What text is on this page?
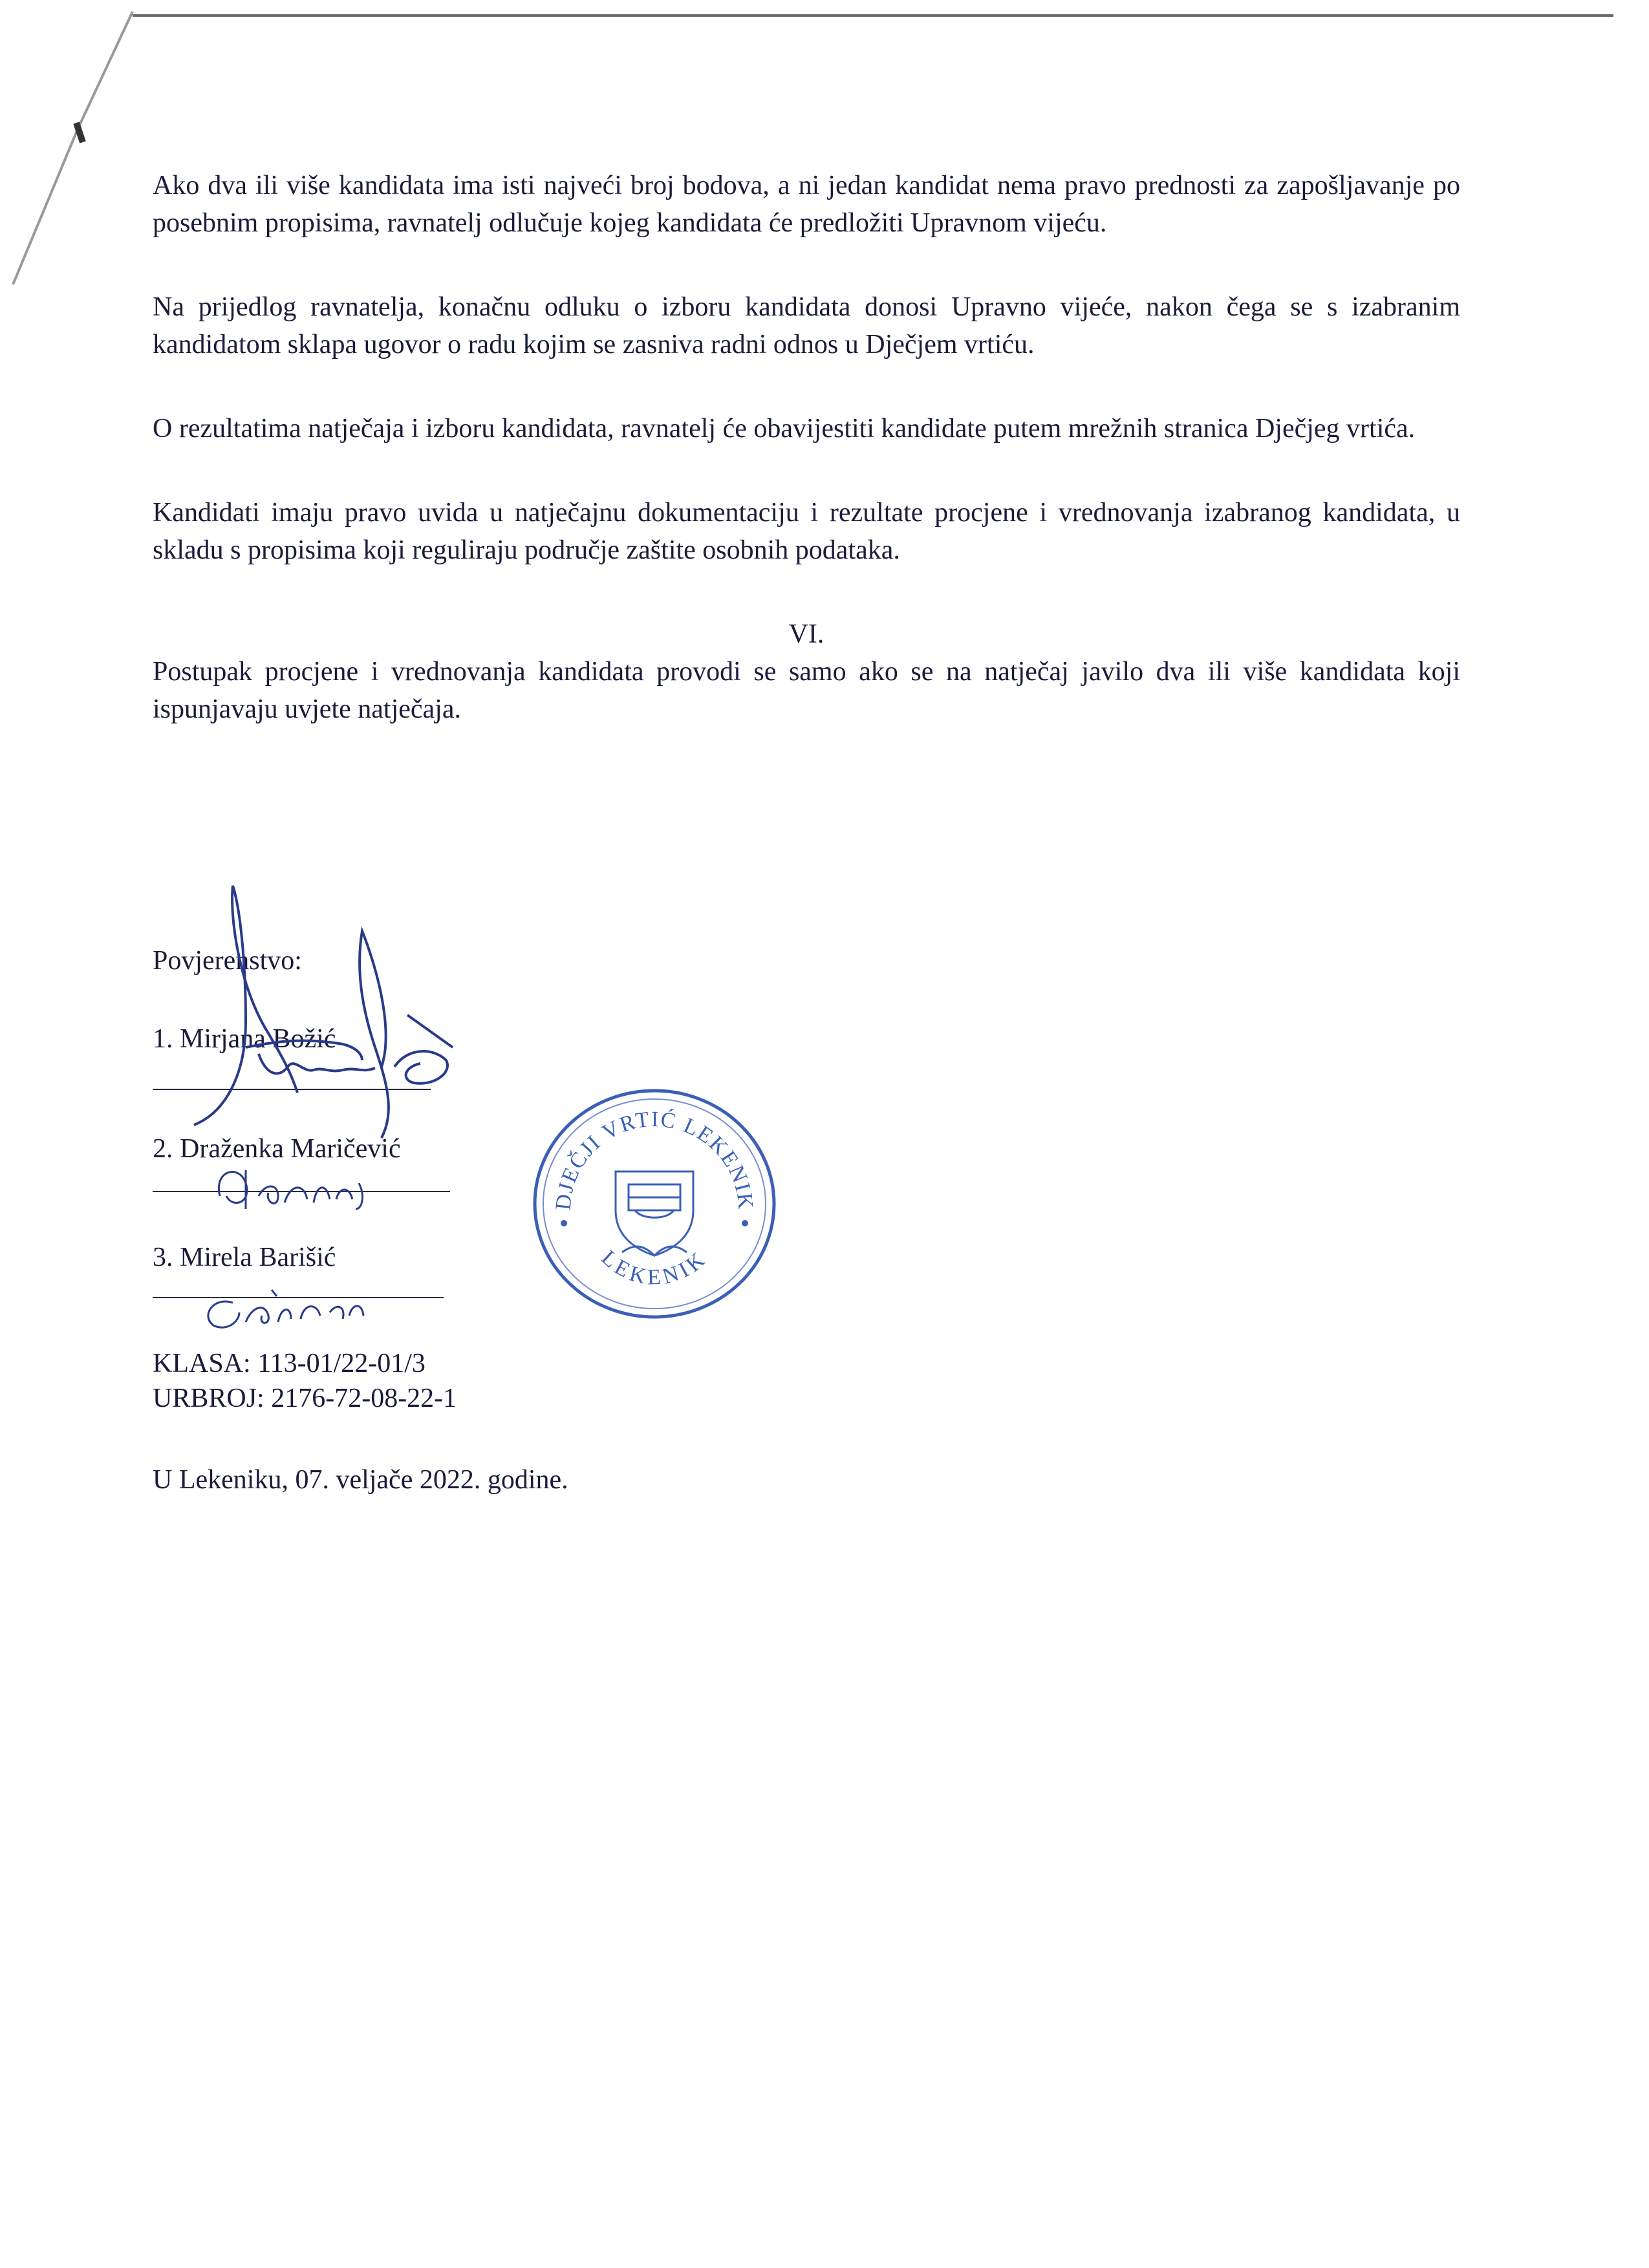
Ako dva ili više kandidata ima isti najveći broj bodova, a ni jedan kandidat nema pravo prednosti za zapošljavanje po posebnim propisima, ravnatelj odlučuje kojeg kandidata će predložiti Upravnom vijeću.

Na prijedlog ravnatelja, konačnu odluku o izboru kandidata donosi Upravno vijeće, nakon čega se s izabranim kandidatom sklapa ugovor o radu kojim se zasniva radni odnos u Dječjem vrtiću.

O rezultatima natječaja i izboru kandidata, ravnatelj će obavijestiti kandidate putem mrežnih stranica Dječjeg vrtića.

Kandidati imaju pravo uvida u natječajnu dokumentaciju i rezultate procjene i vrednovanja izabranog kandidata, u skladu s propisima koji reguliraju područje zaštite osobnih podataka.

VI.

Postupak procjene i vrednovanja kandidata provodi se samo ako se na natječaj javilo dva ili više kandidata koji ispunjavaju uvjete natječaja.

Povjerenstvo:

1. Mirjana Božić

2. Draženka Maričević

3. Mirela Barišić

DJEČJI VRTIĆ LEKENIK
LEKENIK

KLASA: 113-01/22-01/3

URBROJ: 2176-72-08-22-1

U Lekeniku, 07. veljače 2022. godine.
